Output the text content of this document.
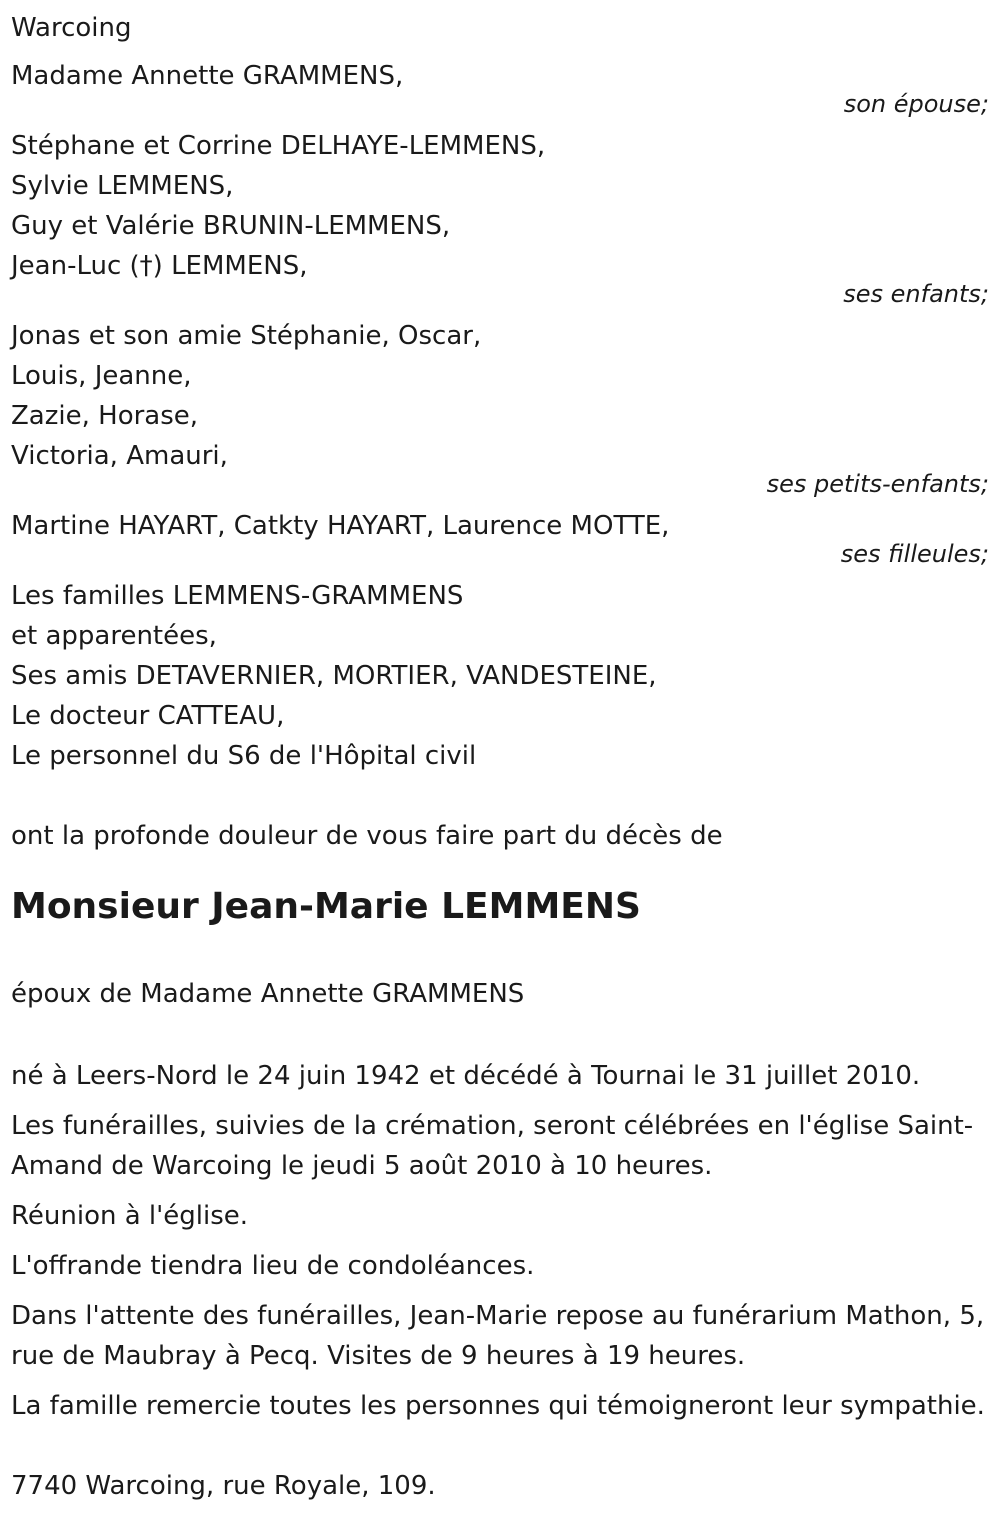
Warcoing
Madame Annette GRAMMENS,
son épouse;
Stéphane et Corrine DELHAYE-LEMMENS,
Sylvie LEMMENS,
Guy et Valérie BRUNIN-LEMMENS,
Jean-Luc (†) LEMMENS,
ses enfants;
Jonas et son amie Stéphanie, Oscar,
Louis, Jeanne,
Zazie, Horase,
Victoria, Amauri,
ses petits-enfants;
Martine HAYART, Catkty HAYART, Laurence MOTTE,
ses filleules;
Les familles LEMMENS-GRAMMENS
et apparentées,
Ses amis DETAVERNIER, MORTIER, VANDESTEINE,
Le docteur CATTEAU,
Le personnel du S6 de l'Hôpital civil
ont la profonde douleur de vous faire part du décès de
Monsieur Jean-Marie LEMMENS
époux de Madame Annette GRAMMENS
né à Leers-Nord le 24 juin 1942 et décédé à Tournai le 31 juillet 2010.
Les funérailles, suivies de la crémation, seront célébrées en l'église Saint-Amand de Warcoing le jeudi 5 août 2010 à 10 heures.
Réunion à l'église.
L'offrande tiendra lieu de condoléances.
Dans l'attente des funérailles, Jean-Marie repose au funérarium Mathon, 5, rue de Maubray à Pecq. Visites de 9 heures à 19 heures.
La famille remercie toutes les personnes qui témoigneront leur sympathie.
7740 Warcoing, rue Royale, 109.
